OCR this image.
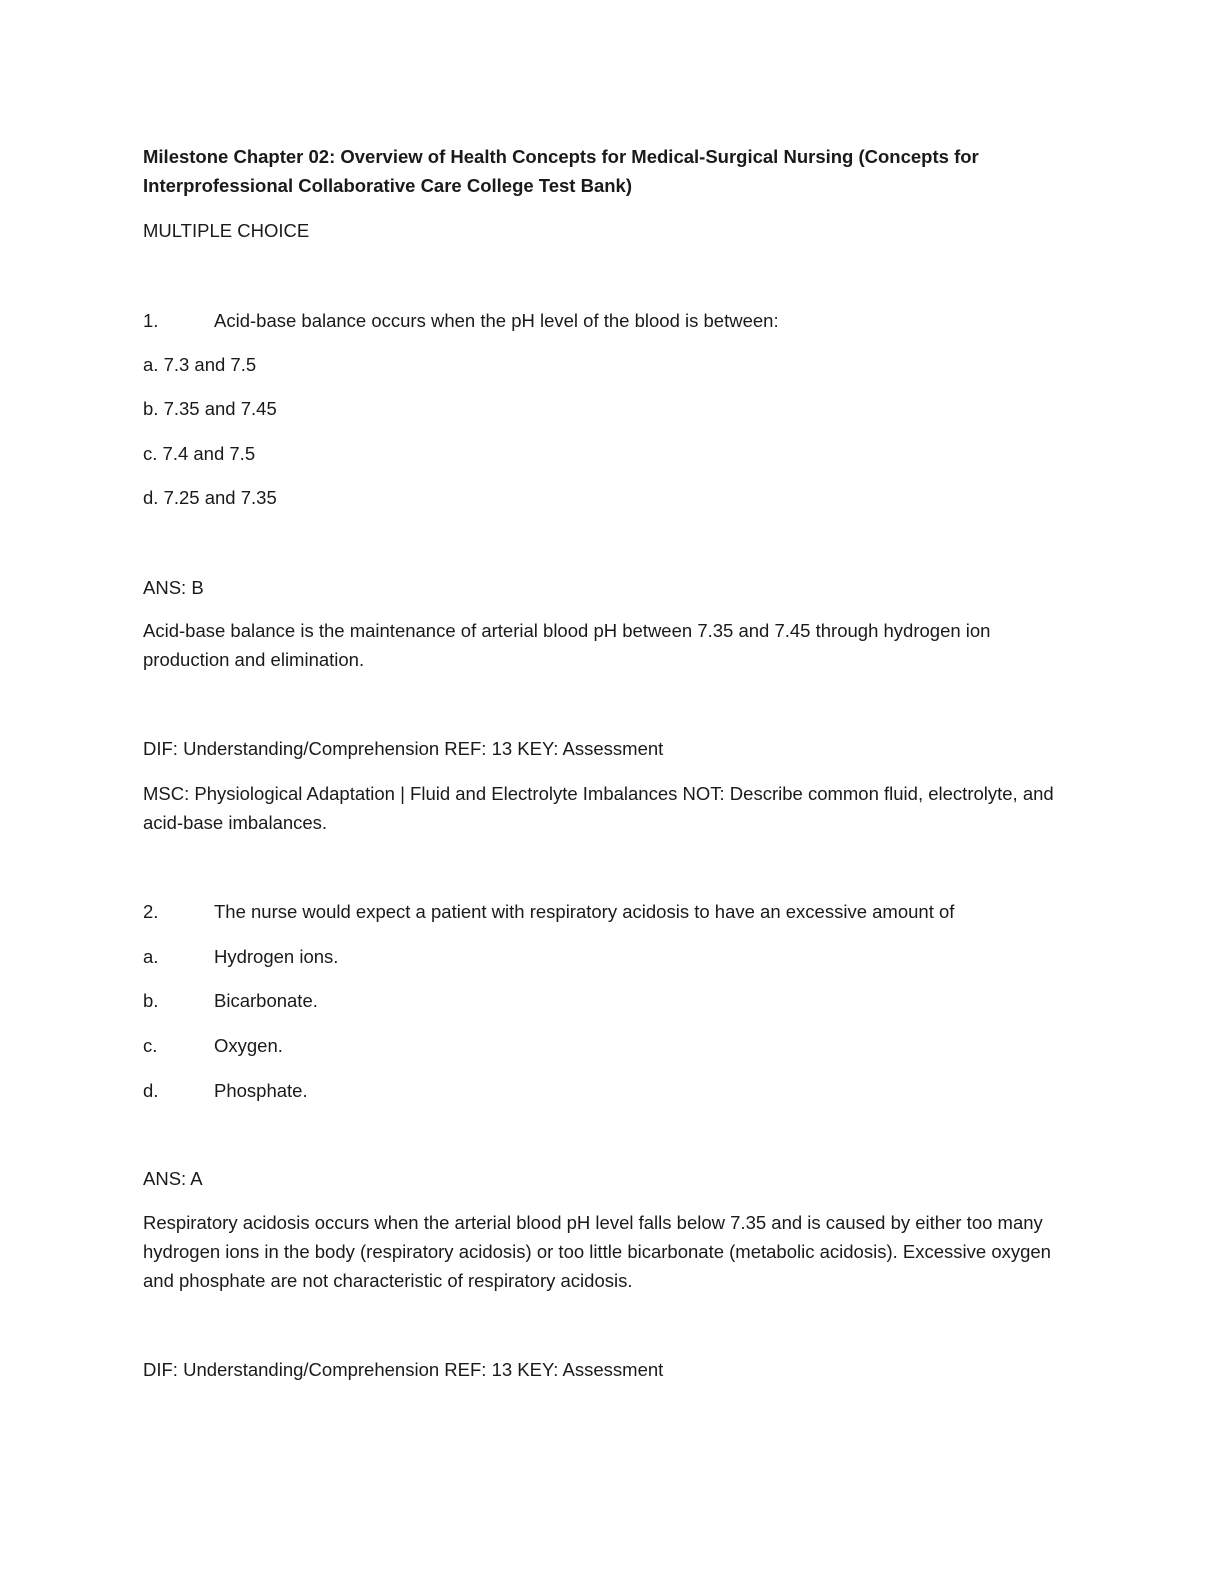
Milestone Chapter 02: Overview of Health Concepts for Medical-Surgical Nursing (Concepts for Interprofessional Collaborative Care College Test Bank)
MULTIPLE CHOICE
1.	Acid-base balance occurs when the pH level of the blood is between:
a. 7.3 and 7.5
b. 7.35 and 7.45
c. 7.4 and 7.5
d. 7.25 and 7.35
ANS: B
Acid-base balance is the maintenance of arterial blood pH between 7.35 and 7.45 through hydrogen ion production and elimination.
DIF: Understanding/Comprehension REF: 13 KEY: Assessment
MSC: Physiological Adaptation | Fluid and Electrolyte Imbalances NOT: Describe common fluid, electrolyte, and acid-base imbalances.
2.	The nurse would expect a patient with respiratory acidosis to have an excessive amount of
a.	Hydrogen ions.
b.	Bicarbonate.
c.	Oxygen.
d.	Phosphate.
ANS: A
Respiratory acidosis occurs when the arterial blood pH level falls below 7.35 and is caused by either too many hydrogen ions in the body (respiratory acidosis) or too little bicarbonate (metabolic acidosis). Excessive oxygen and phosphate are not characteristic of respiratory acidosis.
DIF: Understanding/Comprehension REF: 13 KEY: Assessment
